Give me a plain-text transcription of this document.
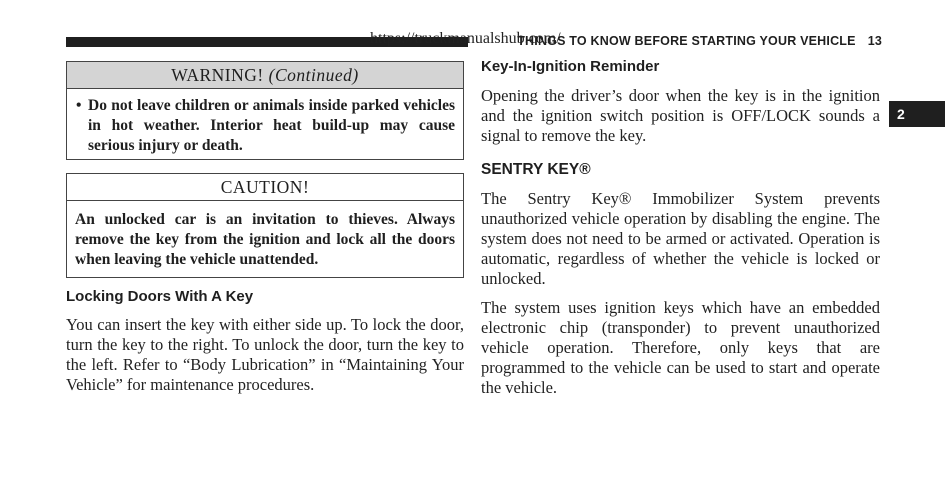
THINGS TO KNOW BEFORE STARTING YOUR VEHICLE 13
https://truckmanualshub.com/
2
WARNING! (Continued)
• Do not leave children or animals inside parked vehicles in hot weather. Interior heat build-up may cause serious injury or death.
CAUTION!
An unlocked car is an invitation to thieves. Always remove the key from the ignition and lock all the doors when leaving the vehicle unattended.
Locking Doors With A Key

You can insert the key with either side up. To lock the door, turn the key to the right. To unlock the door, turn the key to the left. Refer to “Body Lubrication” in “Maintaining Your Vehicle” for maintenance procedures.

Key-In-Ignition Reminder

Opening the driver’s door when the key is in the ignition and the ignition switch position is OFF/LOCK sounds a signal to remove the key.

SENTRY KEY®

The Sentry Key® Immobilizer System prevents unauthorized vehicle operation by disabling the engine. The system does not need to be armed or activated. Operation is automatic, regardless of whether the vehicle is locked or unlocked.

The system uses ignition keys which have an embedded electronic chip (transponder) to prevent unauthorized vehicle operation. Therefore, only keys that are programmed to the vehicle can be used to start and operate the vehicle.
